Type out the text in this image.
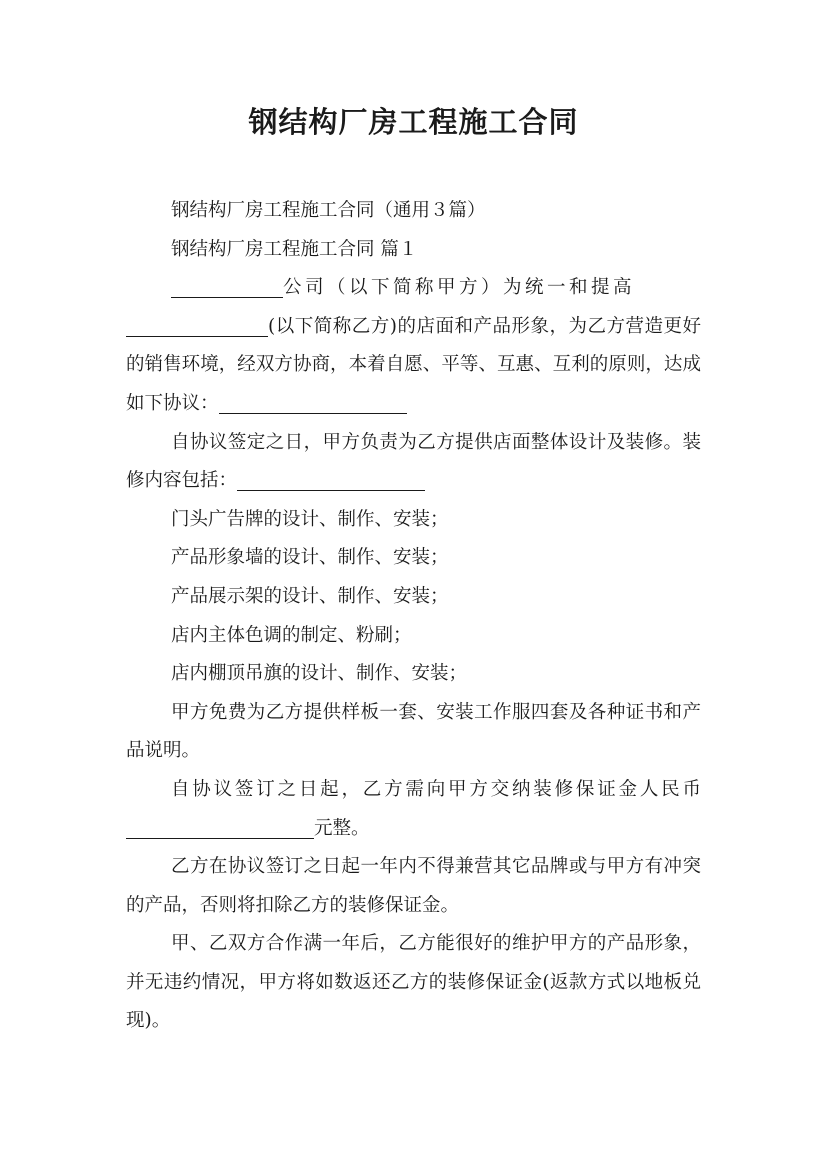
钢结构厂房工程施工合同

钢结构厂房工程施工合同（通用３篇）

钢结构厂房工程施工合同 篇１

公司（以下简称甲方）为统一和提高
(以下简称乙方)的店面和产品形象，为乙方营造更好的销售环境，经双方协商，本着自愿、平等、互惠、互利的原则，达成如下协议：

自协议签定之日，甲方负责为乙方提供店面整体设计及装修。装修内容包括：

门头广告牌的设计、制作、安装；

产品形象墙的设计、制作、安装；

产品展示架的设计、制作、安装；

店内主体色调的制定、粉刷；

店内棚顶吊旗的设计、制作、安装；

甲方免费为乙方提供样板一套、安装工作服四套及各种证书和产品说明。

自协议签订之日起，乙方需向甲方交纳装修保证金人民币元整。

乙方在协议签订之日起一年内不得兼营其它品牌或与甲方有冲突的产品，否则将扣除乙方的装修保证金。

甲、乙双方合作满一年后，乙方能很好的维护甲方的产品形象，并无违约情况，甲方将如数返还乙方的装修保证金(返款方式以地板兑现)。
